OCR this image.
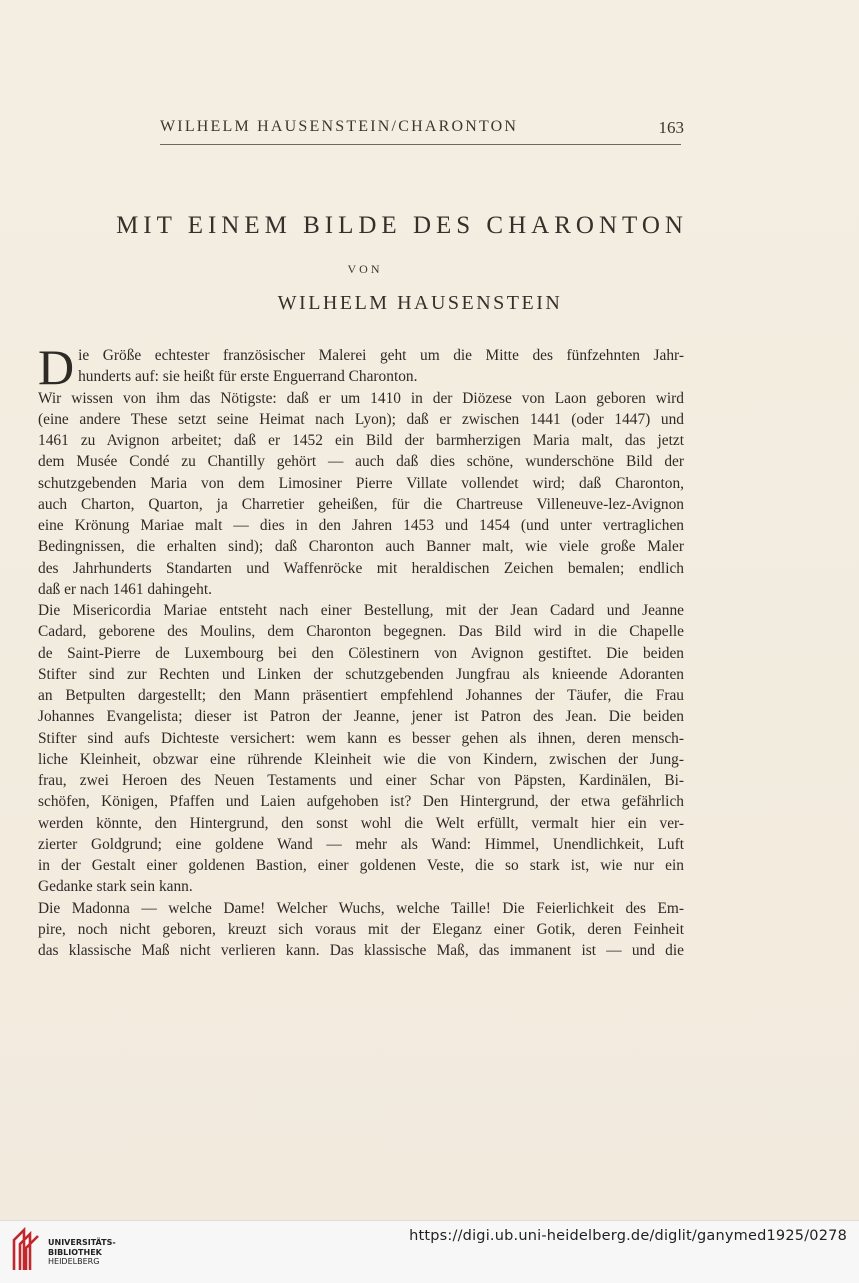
WILHELM HAUSENSTEIN/CHARONTON	163
MIT EINEM BILDE DES CHARONTON
VON
WILHELM HAUSENSTEIN
D ie Größe echtester französischer Malerei geht um die Mitte des fünfzehnten Jahr-
hunderts auf: sie heißt für erste Enguerrand Charonton.
Wir wissen von ihm das Nötigste: daß er um 1410 in der Diözese von Laon geboren wird
(eine andere These setzt seine Heimat nach Lyon); daß er zwischen 1441 (oder 1447) und
1461 zu Avignon arbeitet; daß er 1452 ein Bild der barmherzigen Maria malt, das jetzt
dem Musée Condé zu Chantilly gehört — auch daß dies schöne, wunderschöne Bild der
schutzgebenden Maria von dem Limosiner Pierre Villate vollendet wird; daß Charonton,
auch Charton, Quarton, ja Charretier geheißen, für die Chartreuse Villeneuve-lez-Avignon
eine Krönung Mariae malt — dies in den Jahren 1453 und 1454 (und unter vertraglichen
Bedingnissen, die erhalten sind); daß Charonton auch Banner malt, wie viele große Maler
des Jahrhunderts Standarten und Waffenröcke mit heraldischen Zeichen bemalen; endlich
daß er nach 1461 dahingeht.
Die Misericordia Mariae entsteht nach einer Bestellung, mit der Jean Cadard und Jeanne
Cadard, geborene des Moulins, dem Charonton begegnen. Das Bild wird in die Chapelle
de Saint-Pierre de Luxembourg bei den Cölestinern von Avignon gestiftet. Die beiden
Stifter sind zur Rechten und Linken der schutzgebenden Jungfrau als knieende Adoranten
an Betpulten dargestellt; den Mann präsentiert empfehlend Johannes der Täufer, die Frau
Johannes Evangelista; dieser ist Patron der Jeanne, jener ist Patron des Jean. Die beiden
Stifter sind aufs Dichteste versichert: wem kann es besser gehen als ihnen, deren mensch-
liche Kleinheit, obzwar eine rührende Kleinheit wie die von Kindern, zwischen der Jung-
frau, zwei Heroen des Neuen Testaments und einer Schar von Päpsten, Kardinälen, Bi-
schöfen, Königen, Pfaffen und Laien aufgehoben ist? Den Hintergrund, der etwa gefährlich
werden könnte, den Hintergrund, den sonst wohl die Welt erfüllt, vermalt hier ein ver-
zierter Goldgrund; eine goldene Wand — mehr als Wand: Himmel, Unendlichkeit, Luft
in der Gestalt einer goldenen Bastion, einer goldenen Veste, die so stark ist, wie nur ein
Gedanke stark sein kann.
Die Madonna — welche Dame! Welcher Wuchs, welche Taille! Die Feierlichkeit des Em-
pire, noch nicht geboren, kreuzt sich voraus mit der Eleganz einer Gotik, deren Feinheit
das klassische Maß nicht verlieren kann. Das klassische Maß, das immanent ist — und die
UNIVERSITÄTS-
BIBLIOTHEK
HEIDELBERG
https://digi.ub.uni-heidelberg.de/diglit/ganymed1925/0278
